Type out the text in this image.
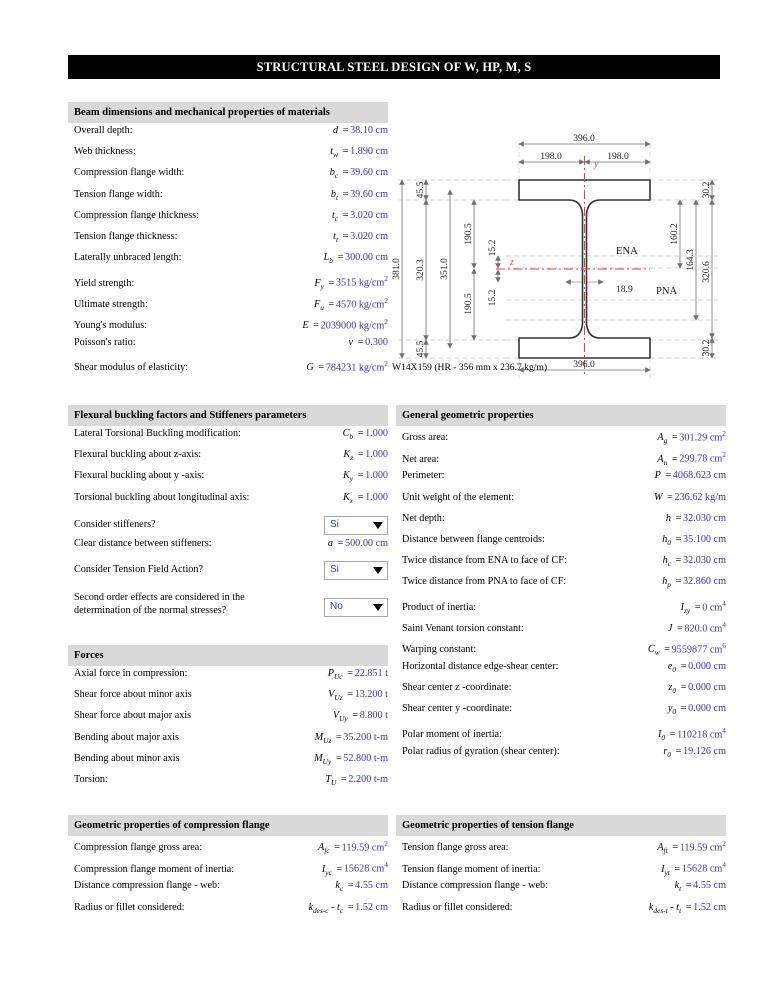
STRUCTURAL STEEL DESIGN OF W, HP, M, S
Beam dimensions and mechanical properties of materials
Overall depth:	d = 38.10 cm
Web thickness:	$t_w = 1.890$ cm
Compression flange width:	$b_c = 39.60$ cm
Tension flange width:	$b_t = 39.60$ cm
Compression flange thickness:	$t_c = 3.020$ cm
Tension flange thickness:	$t_t = 3.020$ cm
Laterally unbraced length:	$L_b = 300.00$ cm
Yield strength:	$F_y = 3515$ $kg/cm^2$
Ultimate strength:	$F_u = 4570$ $kg/cm^2$
Young's modulus:	E = 2039000 $kg/cm^2$
Poisson's ratio:	v = 0.300
Shear modulus of elasticity:	G = 784231 $kg/cm^2$
y
z
396.0
198.0	198.0
396.0
381.0
45.5
320.3
45.5
351.0
190.5
190.5
15.2
15.2
160.2
164.3
30.2
320.6
30.2
18.9
ENA
PNA
W14X159 (HR - 356 mm x 236.7 kg/m)
Flexural buckling factors and Stiffeners parameters
Lateral Torsional Buckling modification:	$C_b = 1.000$
Flexural buckling about z-axis:	$K_z = 1.000$
Flexural buckling about y -axis:	$K_y = 1.000$
Torsional buckling about longitudinal axis:	$K_x = 1.000$
Consider stiffeners?	Si
Clear distance between stiffeners:	a = 500.00 cm
Consider Tension Field Action?	Si
Second order effects are considered in the
determination of the normal stresses?	No
Forces
Axial force in compression:	$P_{Uc} = 22.851$ t
Shear force about minor axis	$V_{Uz} = 13.200$ t
Shear force about major axis	$V_{Uy} = 8.800$ t
Bending about major axis	$M_{Uz} = 35.200$ t-m
Bending about minor axis	$M_{Uy} = 52.800$ t-m
Torsion:	$T_U = 2.200$ t-m
General geometric properties
Gross area:	$A_g = 301.29$ $cm^2$
Net area:	$A_n = 299.78$ $cm^2$
Perimeter:	P = 4068.623 cm
Unit weight of the element:	W = 236.62 kg/m
Net depth:	h = 32.030 cm
Distance between flange centroids:	$h_0 = 35.100$ cm
Twice distance from ENA to face of CF:	$h_c = 32.030$ cm
Twice distance from PNA to face of CF:	$h_p = 32.860$ cm
Product of inertia:	$I_{zy} = 0$ $cm^4$
Saint Venant torsion constant:	J = 820.0 $cm^4$
Warping constant:	$C_w = 9559877$ $cm^6$
Horizontal distance edge-shear center:	$e_0 = 0.000$ cm
Shear center z -coordinate:	$z_0 = 0.000$ cm
Shear center y -coordinate:	$y_0 = 0.000$ cm
Polar moment of inertia:	$I_0 = 110218$ $cm^4$
Polar radius of gyration (shear center):	$r_0 = 19.126$ cm
Geometric properties of compression flange
Compression flange gross area:	$A_{fc} = 119.59$ $cm^2$
Compression flange moment of inertia:	$I_{yc} = 15628$ $cm^4$
Distance compression flange - web:	$k_c = 4.55$ cm
Radius or fillet considered:	$k_{des-c} - t_c = 1.52$ cm
Geometric properties of tension flange
Tension flange gross area:	$A_{ft} = 119.59$ $cm^2$
Tension flange moment of inertia:	$I_{yt} = 15628$ $cm^4$
Distance compression flange - web:	$k_t = 4.55$ cm
Radius or fillet considered:	$k_{des-t} - t_t = 1.52$ cm
